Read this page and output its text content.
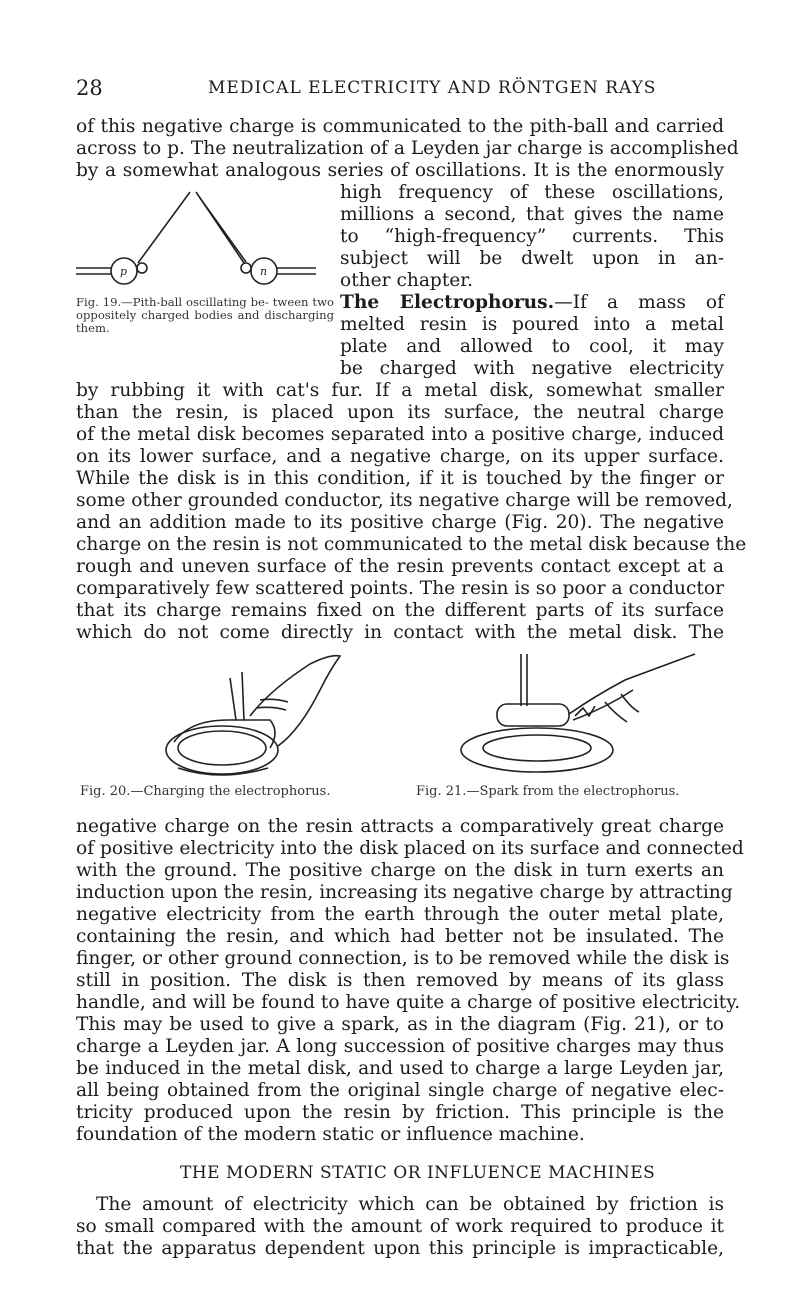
28	MEDICAL ELECTRICITY AND RÖNTGEN RAYS
of this negative charge is communicated to the pith-ball and carried
across to p. The neutralization of a Leyden jar charge is accomplished
by a somewhat analogous series of oscillations. It is the enormously
high frequency of these oscillations,
millions a second, that gives the name
to “high-frequency” currents. This
subject will be dwelt upon in an-
other chapter.
p	n
Fig. 19.—Pith-ball oscillating be- tween two oppositely charged bodies and discharging them.
The Electrophorus.—If a mass of
melted resin is poured into a metal
plate and allowed to cool, it may
be charged with negative electricity
by rubbing it with cat's fur. If a metal disk, somewhat smaller
than the resin, is placed upon its surface, the neutral charge
of the metal disk becomes separated into a positive charge, induced
on its lower surface, and a negative charge, on its upper surface.
While the disk is in this condition, if it is touched by the finger or
some other grounded conductor, its negative charge will be removed,
and an addition made to its positive charge (Fig. 20). The negative
charge on the resin is not communicated to the metal disk because the
rough and uneven surface of the resin prevents contact except at a
comparatively few scattered points. The resin is so poor a conductor
that its charge remains fixed on the different parts of its surface
which do not come directly in contact with the metal disk. The
Fig. 20.—Charging the electrophorus.	Fig. 21.—Spark from the electrophorus.
negative charge on the resin attracts a comparatively great charge
of positive electricity into the disk placed on its surface and connected
with the ground. The positive charge on the disk in turn exerts an
induction upon the resin, increasing its negative charge by attracting
negative electricity from the earth through the outer metal plate,
containing the resin, and which had better not be insulated. The
finger, or other ground connection, is to be removed while the disk is
still in position. The disk is then removed by means of its glass
handle, and will be found to have quite a charge of positive electricity.
This may be used to give a spark, as in the diagram (Fig. 21), or to
charge a Leyden jar. A long succession of positive charges may thus
be induced in the metal disk, and used to charge a large Leyden jar,
all being obtained from the original single charge of negative elec-
tricity produced upon the resin by friction. This principle is the
foundation of the modern static or influence machine.
THE MODERN STATIC OR INFLUENCE MACHINES
The amount of electricity which can be obtained by friction is
so small compared with the amount of work required to produce it
that the apparatus dependent upon this principle is impracticable,
